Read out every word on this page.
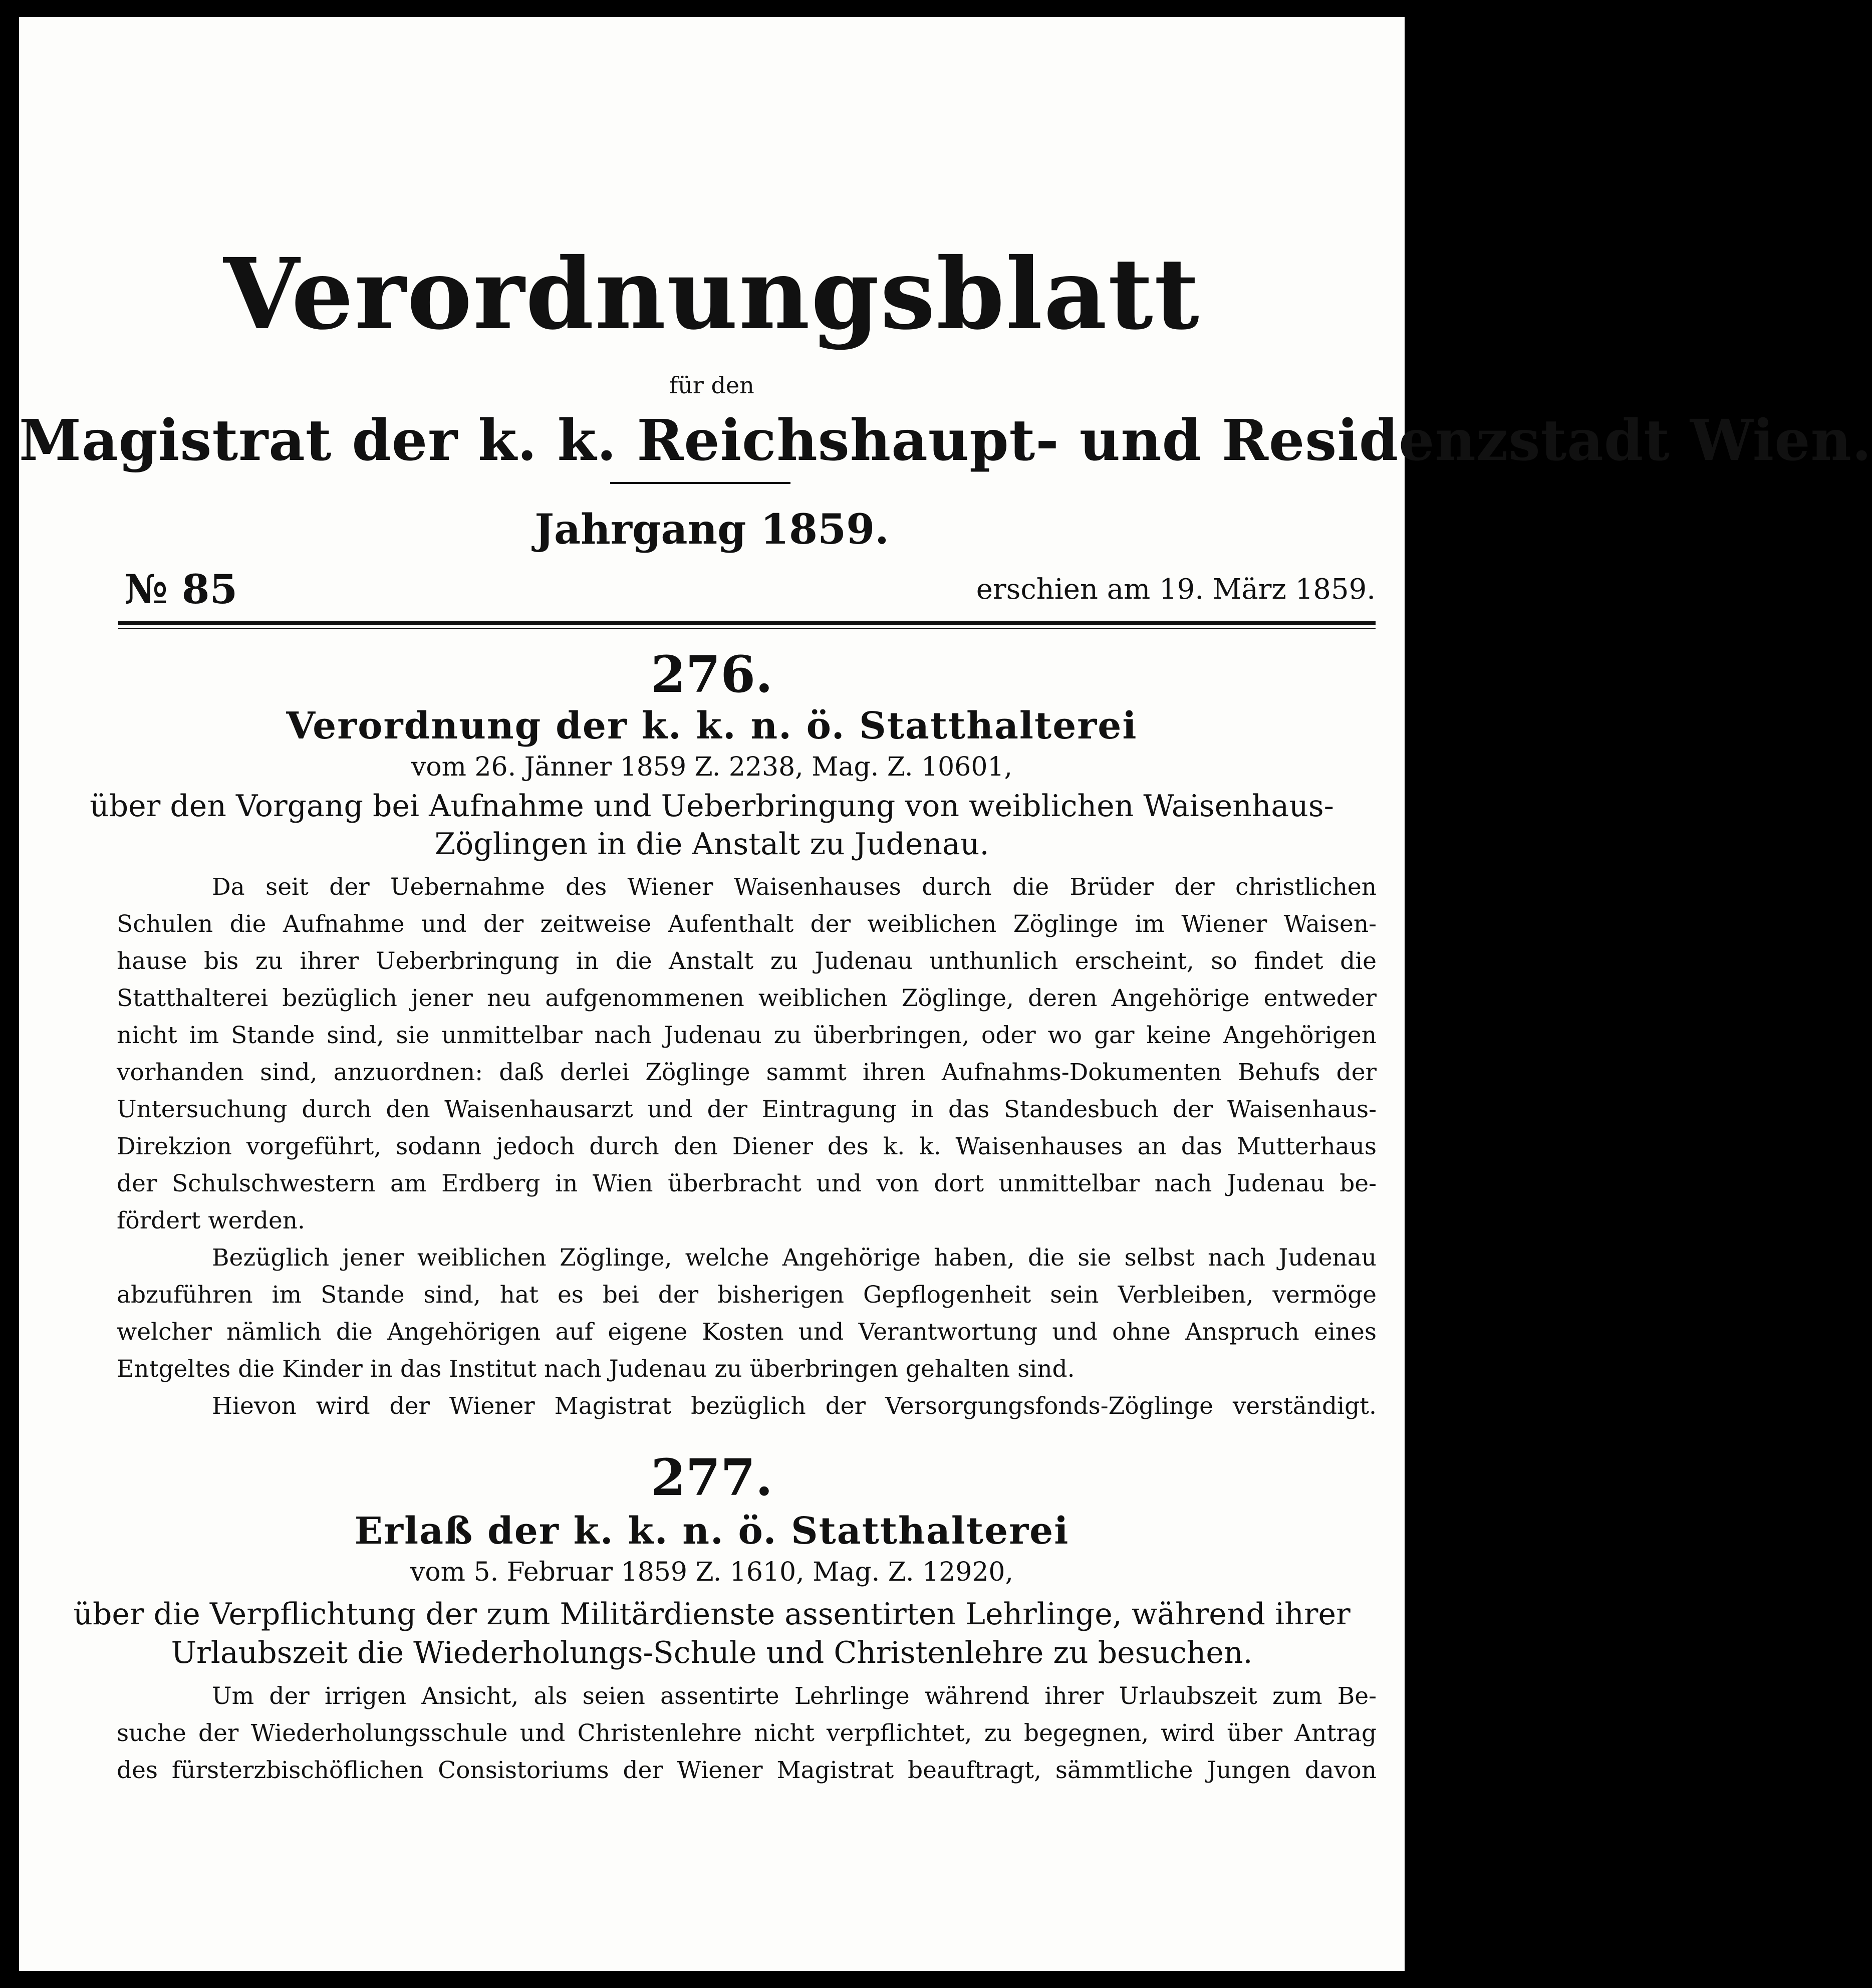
Verordnungsblatt
für den
Magistrat der k. k. Reichshaupt- und Residenzstadt Wien.
Jahrgang 1859.
№ 85	erschien am 19. März 1859.
276.
Verordnung der k. k. n. ö. Statthalterei
vom 26. Jänner 1859 Z. 2238, Mag. Z. 10601,
über den Vorgang bei Aufnahme und Ueberbringung von weiblichen Waisenhaus-
Zöglingen in die Anstalt zu Judenau.

Da seit der Uebernahme des Wiener Waisenhauses durch die Brüder der christlichen

Schulen die Aufnahme und der zeitweise Aufenthalt der weiblichen Zöglinge im Wiener Waisen-

hause bis zu ihrer Ueberbringung in die Anstalt zu Judenau unthunlich erscheint, so findet die

Statthalterei bezüglich jener neu aufgenommenen weiblichen Zöglinge, deren Angehörige entweder

nicht im Stande sind, sie unmittelbar nach Judenau zu überbringen, oder wo gar keine Angehörigen

vorhanden sind, anzuordnen: daß derlei Zöglinge sammt ihren Aufnahms-Dokumenten Behufs der

Untersuchung durch den Waisenhausarzt und der Eintragung in das Standesbuch der Waisenhaus-

Direkzion vorgeführt, sodann jedoch durch den Diener des k. k. Waisenhauses an das Mutterhaus

der Schulschwestern am Erdberg in Wien überbracht und von dort unmittelbar nach Judenau be-

fördert werden.

Bezüglich jener weiblichen Zöglinge, welche Angehörige haben, die sie selbst nach Judenau

abzuführen im Stande sind, hat es bei der bisherigen Gepflogenheit sein Verbleiben, vermöge

welcher nämlich die Angehörigen auf eigene Kosten und Verantwortung und ohne Anspruch eines

Entgeltes die Kinder in das Institut nach Judenau zu überbringen gehalten sind.

Hievon wird der Wiener Magistrat bezüglich der Versorgungsfonds-Zöglinge verständigt.

277.
Erlaß der k. k. n. ö. Statthalterei
vom 5. Februar 1859 Z. 1610, Mag. Z. 12920,
über die Verpflichtung der zum Militärdienste assentirten Lehrlinge, während ihrer
Urlaubszeit die Wiederholungs-Schule und Christenlehre zu besuchen.

Um der irrigen Ansicht, als seien assentirte Lehrlinge während ihrer Urlaubszeit zum Be-

suche der Wiederholungsschule und Christenlehre nicht verpflichtet, zu begegnen, wird über Antrag

des fürsterzbischöflichen Consistoriums der Wiener Magistrat beauftragt, sämmtliche Jungen davon
